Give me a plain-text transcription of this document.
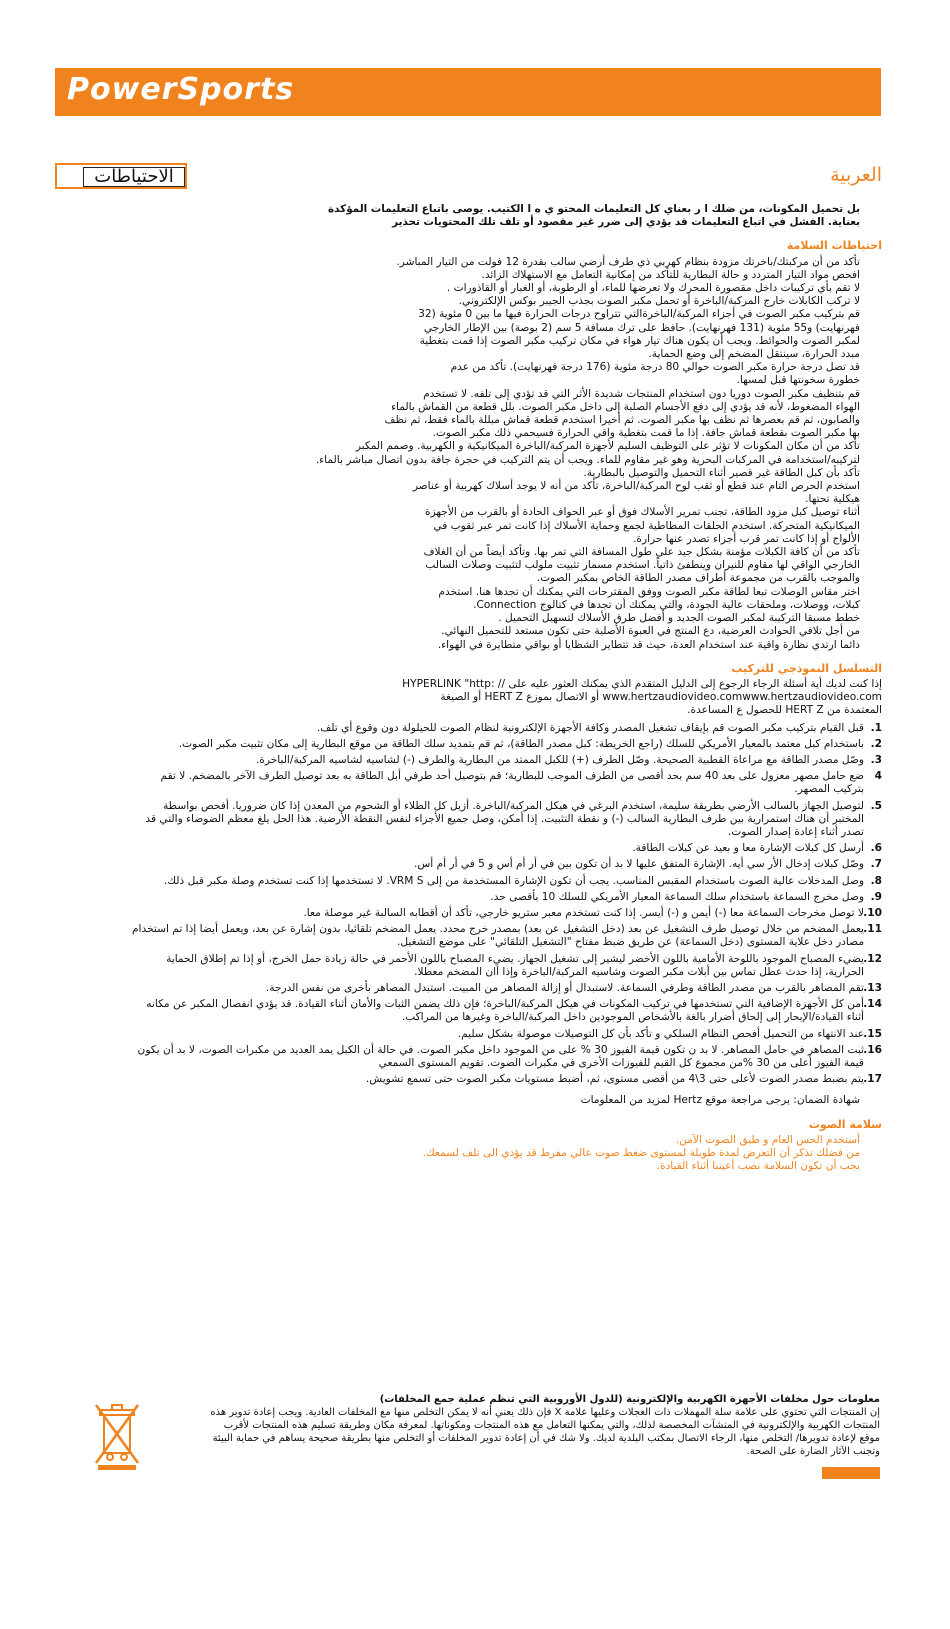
PowerSports
الاحتياطات	العربية
بل تحميل المكونات، من ضلك ا ر بعناي كل التعليمات المحتو ي ه ا الكتيب. يوصى باتباع التعليمات المؤكدة
بعناية. الفشل في اتباع التعليمات قد يؤدي إلى ضرر غير مقصود أو تلف تلك المحتويات تحذير
احتياطات السلامة
تأكد من أن مركبتك/باخرتك مزودة بنظام كهربي ذي طرف أرضي سالب بقدرة 12 فولت من التيار المباشر.
افحص مواد التيار المتردد و حالة البطارية للتأكد من إمكانية التعامل مع الاستهلاك الزائد.
لا تقم بأي تركيبات داخل مقصورة المحرك ولا تعرضها للماء، أو الرطوبة، أو الغبار أو القاذورات .
لا تركب الكابلات خارج المركبة/الباخرة أو تحمل مكبر الصوت بجذب الجيبر بوكس الإلكتروني.
قم بتركيب مكبر الصوت في أجزاء المركبة/الباخرةالتي تتراوح درجات الحرارة فيها ما بين 0 مئوية (32
فهرنهايت) و55 مئوية (131 فهرنهايت). حافظ على ترك مسافة 5 سم (2 بوصة) بين الإطار الخارجي
لمكبر الصوت والحوائط. ويجب أن يكون هناك تيار هواء في مكان تركيب مكبر الصوت إذا قمت بتغطية
مبدد الحرارة، سينتقل المضخم إلى وضع الحماية.
قد تصل درجة حرارة مكبر الصوت حوالي 80 درجة مئوية (176 درجة فهرنهايت). تأكد من عدم
خطورة سخونتها قبل لمسها.
قم بتنظيف مكبر الصوت دوريا دون استخدام المنتجات شديدة الأثر التي قد تؤدي إلى تلفه. لا تستخدم
الهواء المضغوط، لأنه قد يؤدي إلى دفع الأجسام الصلبة إلى داخل مكبر الصوت. بلل قطعة من القماش بالماء
والصابون، ثم قم بعصرها ثم نظف بها مكبر الصوت. ثم أخيرا استخدم قطعة قماش مبللة بالماء فقط، ثم نظف
بها مكبر الصوت بقطعة قماش جافة. إذا ما قمت بتغطية واقي الحرارة فسيحمي ذلك مكبر الصوت.
تأكد من أن مكان المكونات لا تؤثر على التوظيف السليم لأجهزة المركبة/الباخرة الميكانيكية و الكهربية. وصمم المكبر
لتركيبه/استخدامه في المركبات البحرية وهو غير مقاوم للماء. ويجب أن يتم التركيب في حجرة جافة بدون اتصال مباشر بالماء.
تأكد بأن كبل الطاقة غير قصير أثناء التحميل والتوصيل بالبطارية.
استخدم الحرص التام عند قطع أو ثقب لوح المركبة/الباخرة، تأكد من أنه لا يوجد أسلاك كهربية أو عناصر
هيكلية تحتها.
أثناء توصيل كبل مزود الطاقة، تجنب تمرير الأسلاك فوق أو عبر الحواف الحادة أو بالقرب من الأجهزة
الميكانيكية المتحركة. استخدم الحلقات المطاطية لجمع وحماية الأسلاك إذا كانت تمر عبر ثقوب في
الألواح أو إذا كانت تمر قرب أجزاء تصدر عنها حرارة.
تأكد من أن كافة الكبلات مؤمنة بشكل جيد على طول المسافة التي تمر بها. وتأكد أيضاً من أن الغلاف
الخارجي الواقي لها مقاوم للنيران وينطفئ ذاتياً. استخدم مسمار تثبيت ملولب لتثبيت وصلات السالب
والموجب بالقرب من مجموعة أطراف مصدر الطاقة الخاص بمكبر الصوت.
اختر مقاس الوصلات تبعا لطاقة مكبر الصوت ووفق المقترحات التي يمكنك أن تجدها هنا. استخدم
كبلات، ووصلات، وملحقات عالية الجودة، والتي يمكنك أن تجدها في كتالوج Connection.
خطط مسبقا التركيبة لمكبر الصوت الجديد و أفضل طرق الأسلاك لتسهيل التحميل .
من أجل تلافي الحوادث العرضية، دع المنتج في العبوة الأصلية حتى تكون مستعد للتحميل النهائي.
دائما ارتدي نظارة واقية عند استخدام العدة، حيث قد تتطاير الشظايا أو بواقي متطايرة في الهواء.
التسلسل النموذجي للتركيب
إذا كنت لديك أية أسئلة الرجاء الرجوع إلى الدليل المتقدم الذي يمكنك العثور عليه على // :HYPERLINK "http
www.hertzaudiovideo.comwww.hertzaudiovideo.com أو الاتصال بموزع HERT Z أو الصيغة
المعتمدة من HERT Z للحصول ع المساعدة.
1.
قبل القيام بتركيب مكبر الصوت قم بإيقاف تشغيل المصدر وكافة الأجهزة الإلكترونية لنظام الصوت للحيلولة دون وقوع أي تلف.
2.
باستخدام كبل معتمد بالمعيار الأمريكي للسلك (راجع الخريطة: كبل مصدر الطاقة)، ثم قم بتمديد سلك الطاقة من موقع البطارية إلى مكان تثبيت مكبر الصوت.
3.
وصّل مصدر الطاقة مع مراعاة القطبية الصحيحة. وصّل الطرف (+) للكبل الممتد من البطارية والطرف (-) لشاسيه لشاسيه المركبة/الباخرة.
4
ضع حامل مصهر معزول على بعد 40 سم بحد أقصى من الطرف الموجب للبطارية؛ قم بتوصيل أحد طرفي أبل الطاقة به بعد توصيل الطرف الآخر بالمضخم. لا تقم بتركيب المصهر.
5.
لتوصيل الجهاز بالسالب الأرضي بطريقة سليمة، استخدم البرغي في هيكل المركبة/الباخرة. أزيل كل الطلاء أو الشحوم من المعدن إذا كان ضروريا. أفحص بواسطة المختبر أن هناك استمرارية بين طرف البطارية السالب (-) و نقطة التثبيت. إذا أمكن، وصل جميع الأجزاء لنفس النقطة الأرضية. هذا الحل يلغ معظم الضوضاء والتي قد تصدر أثناء إعادة إصدار الصوت.
6.
أرسل كل كبلات الإشارة معا و بعيد عن كبلات الطاقة.
7.
وصّل كبلات إدخال الأر سي أيه. الإشارة المتفق عليها لا بد أن تكون بين في أر أم أس و 5 في أر أم أس.
8.
وصل المدخلات عالية الصوت باستخدام المقبس المناسب. يجب أن تكون الإشارة المستخدمة من إلى VRM S. لا تستخدمها إذا كنت تستخدم وصلة مكبر قبل ذلك.
9.
وصل مخرج السماعة باستخدام سلك السماعة المعيار الأمريكي للسلك 10 بأقصى حد.
10.
لا توصل مخرجات السماعة معا (-) أيمن و (-) أيسر. إذا كنت تستخدم معبر ستريو خارجي، تأكد أن أقطابه السالبة غير موصلة معا.
11.
يعمل المضخم من خلال توصيل طرف التشغيل عن بعد (دخل التشغيل عن بعد) بمصدر خرج محدد. يعمل المضخم تلقائيا، بدون إشارة عن بعد، ويعمل أيضا إذا تم استخدام مصادر دخل علاية المستوى (دخل السماعة) عن طريق ضبط مفتاح "التشغيل التلقائي" على موضع التشغيل.
12.
يضيء المصباح الموجود باللوحة الأمامية باللون الأخضر ليشير إلى تشغيل الجهاز. يضيء المصباح باللون الأحمر في حالة زيادة حمل الخرج، أو إذا تم إطلاق الحماية الحرارية، إذا حدث عطل تماس بين أبلات مكبر الصوت وشاسيه المركبة/الباخرة وإذا أان المضخم معطلا.
13.
تقم المصاهر بالقرب من مصدر الطاقة وطرفي السماعة. لاستبدال أو إزالة المصاهر من المبيت. استبدل المصاهر بأخرى من نفس الدرجة.
14.
أمن كل الأجهزة الإضافية التي تستخدمها في تركيب المكونات في هيكل المركبة/الباخرة؛ فإن ذلك يضمن الثبات والأمان أثناء القيادة. قد يؤدي انفصال المكبر عن مكانه أثناء القيادة/الإبحار إلى إلحاق أضرار بالغة بالأشخاص الموجودين داخل المركبة/الباخرة وغيرها من المراكب.
15.
عند الانتهاء من التحميل أفحص النظام السلكي و تأكد بأن كل التوصيلات موصولة بشكل سليم.
16.
ثبت المصاهر في حامل المصاهر. لا بد ن تكون قيمة الفيوز 30 % على من الموجود داخل مكبر الصوت. في حالة أن الكبل يمد العديد من مكبرات الصوت، لا بد أن يكون قيمة الفيوز أعلى من 30 %من مجموع كل القيم للفيوزات الأخرى في مكبرات الصوت. تقويم المستوى السمعي
17.
يتم بضبط مصدر الصوت لأعلى حتى 3\4 من أقصى مستوى، ثم، أضبط مستويات مكبر الصوت حتى تسمع تشويش.
شهادة الضمان: يرجى مراجعة موقع Hertz لمزيد من المعلومات
سلامة الصوت
أستخدم الحس العام و طبق الصوت الآمن.
من فضلك تذكر أن التعرض لمدة طويلة لمستوى ضغط صوت عالي مفرط قد يؤدي الى تلف لسمعك.
يجب أن تكون السلامة نصب أعيننا أثناء القيادة.
معلومات حول مخلفات الأجهزة الكهربية والإلكترونية (للدول الأوروبية التي تنظم عملية جمع المخلفات)
إن المنتجات التي تحتوي على علامة سلة المهملات ذات العجلات وعليها علامة X فإن ذلك يعني أنه لا يمكن التخلص منها مع المخلفات العادية. ويجب إعادة تدوير هذه المنتجات الكهربية والإلكترونية في المنشآت المخصصة لذلك، والتي يمكنها التعامل مع هذه المنتجات ومكوناتها. لمعرفة مكان وطريقة تسليم هذه المنتجات لأقرب موقع لإعادة تدويرها/ التخلص منها، الرجاء الاتصال بمكتب البلدية لديك. ولا شك في أن إعادة تدوير المخلفات أو التخلص منها بطريقة صحيحة يساهم في حماية البيئة وتجنب الآثار الضارة على الصحة.
